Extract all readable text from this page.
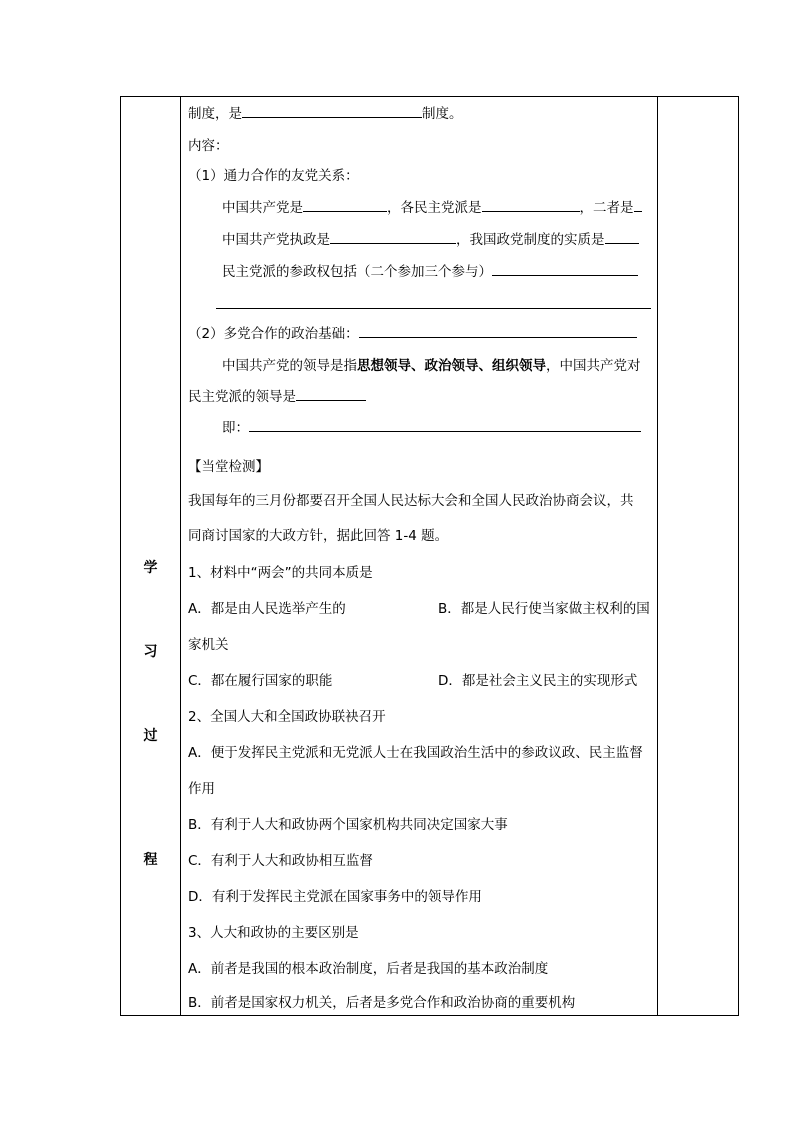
学
习
过
程
制度，是	制度。
内容：
（1）通力合作的友党关系：
中国共产党是	，各民主党派是	，二者是
中国共产党执政是	，我国政党制度的实质是
民主党派的参政权包括（二个参加三个参与）
（2）多党合作的政治基础：
中国共产党的领导是指思想领导、政治领导、组织领导，中国共产党对
民主党派的领导是
即：
【当堂检测】
我国每年的三月份都要召开全国人民达标大会和全国人民政治协商会议，共
同商讨国家的大政方针，据此回答 1-4 题。
1、材料中“两会”的共同本质是
A．都是由人民选举产生的	B．都是人民行使当家做主权利的国
家机关
C．都在履行国家的职能	D．都是社会主义民主的实现形式
2、全国人大和全国政协联袂召开
A．便于发挥民主党派和无党派人士在我国政治生活中的参政议政、民主监督
作用
B．有利于人大和政协两个国家机构共同决定国家大事
C．有利于人大和政协相互监督
D．有利于发挥民主党派在国家事务中的领导作用
3、人大和政协的主要区别是
A．前者是我国的根本政治制度，后者是我国的基本政治制度
B．前者是国家权力机关，后者是多党合作和政治协商的重要机构
